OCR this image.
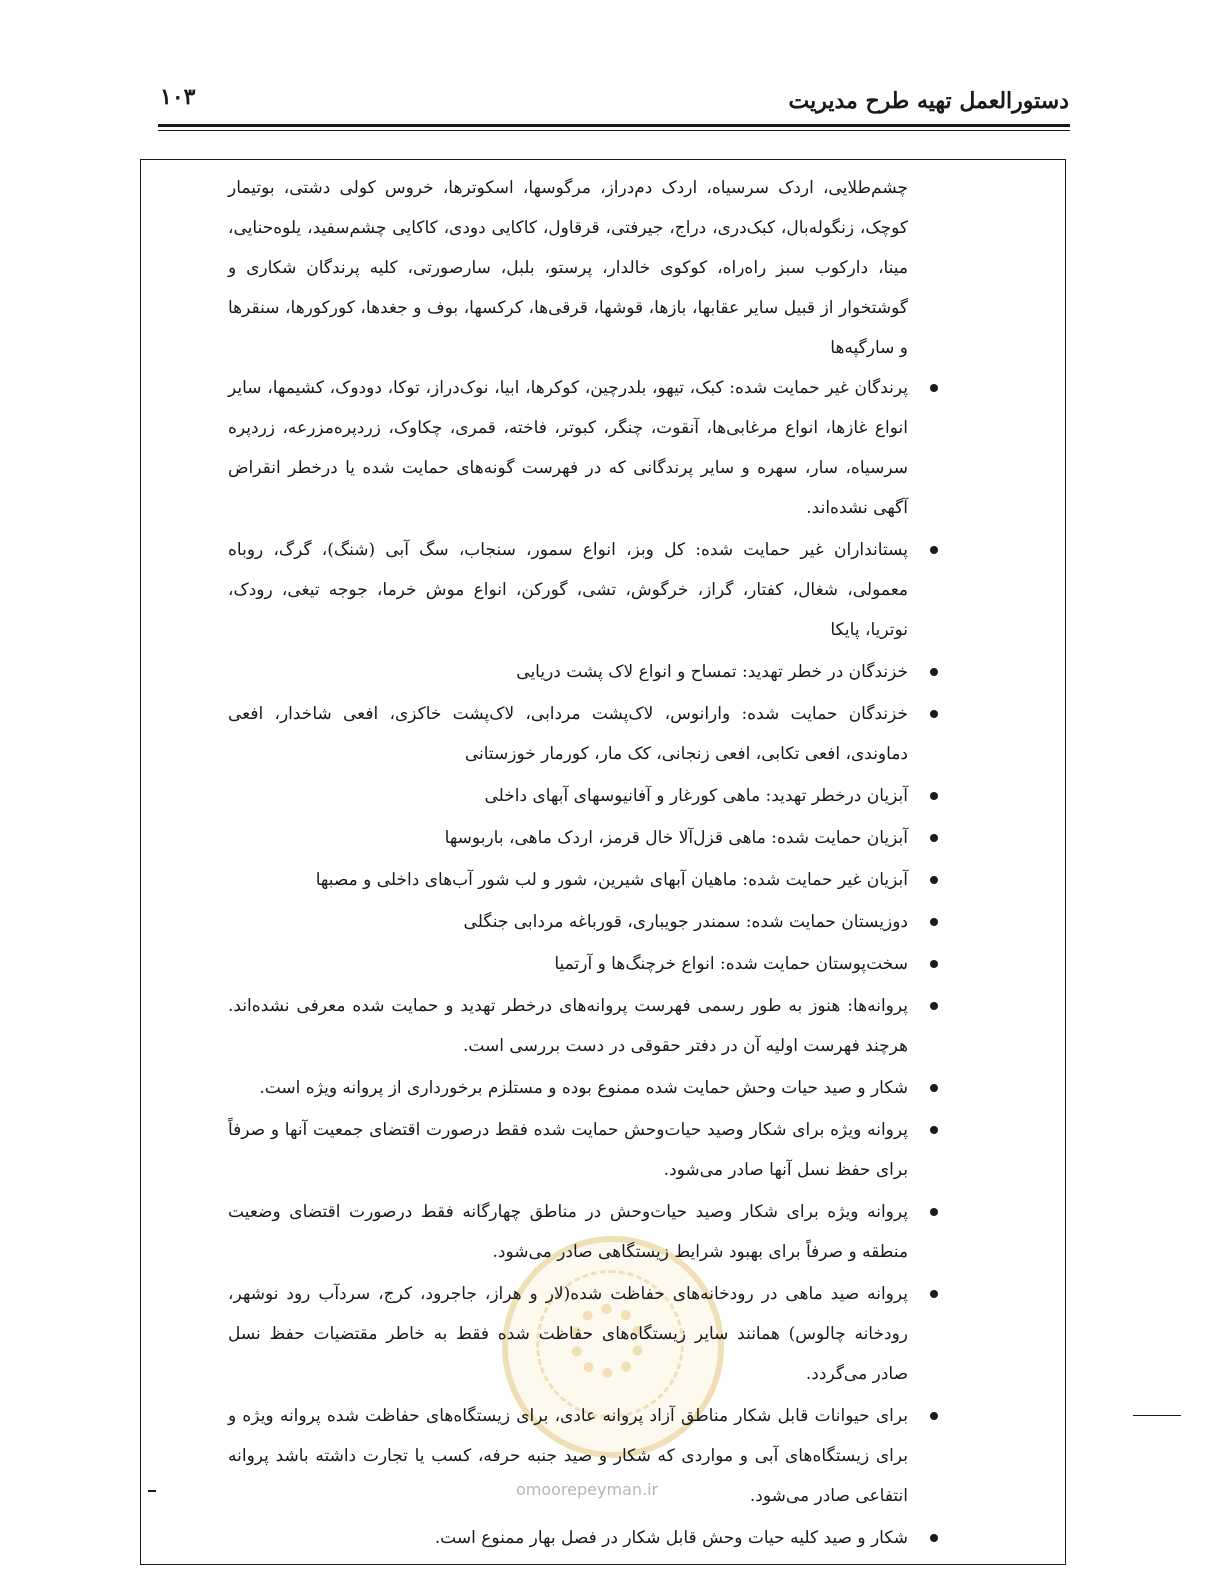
دستورالعمل تهیه طرح مدیریت
۱۰۳

چشم‌طلایی، اردک سرسیاه، اردک دم‌دراز، مرگوسها، اسکوترها، خروس کولی دشتی، بوتیمار کوچک، زنگوله‌بال، کبک‌دری، دراج، جیرفتی، قرقاول، کاکایی دودی، کاکایی چشم‌سفید، یلوه‌حنایی، مینا، دارکوب سبز راه‌راه، کوکوی خالدار، پرستو، بلبل، سارصورتی، کلیه پرندگان شکاری و گوشتخوار از قبیل سایر عقابها، بازها، قوشها، قرقی‌ها، کرکسها، بوف و جغدها، کورکورها، سنقرها و سارگپه‌ها

پرندگان غیر حمایت شده: کبک، تیهو، بلدرچین، کوکرها، ابیا، نوک‌دراز، توکا، دودوک، کشیمها، سایر انواع غازها، انواع مرغابی‌ها، آنقوت، چنگر، کبوتر، فاخته، قمری، چکاوک، زردپره‌مزرعه، زردپره سرسیاه، سار، سهره و سایر پرندگانی که در فهرست گونه‌های حمایت شده یا درخطر انقراض آگهی نشده‌اند.
پستانداران غیر حمایت شده: کل وبز، انواع سمور، سنجاب، سگ آبی (شنگ)، گرگ، روباه معمولی، شغال، کفتار، گراز، خرگوش، تشی، گورکن، انواع موش خرما، جوجه تیغی، رودک، نوتریا، پایکا
خزندگان در خطر تهدید: تمساح و انواع لاک پشت دریایی
خزندگان حمایت شده: وارانوس، لاک‌پشت مردابی، لاک‌پشت خاکزی، افعی شاخدار، افعی دماوندی، افعی تکابی، افعی زنجانی، کک مار، کورمار خوزستانی
آبزیان درخطر تهدید: ماهی کورغار و آفانیوسهای آبهای داخلی
آبزیان حمایت شده: ماهی قزل‌آلا خال قرمز، اردک ماهی، باربوسها
آبزیان غیر حمایت شده: ماهیان آبهای شیرین، شور و لب شور آب‌های داخلی و مصبها
دوزیستان حمایت شده: سمندر جویباری، قورباغه مردابی جنگلی
سخت‌پوستان حمایت شده: انواع خرچنگ‌ها و آرتمیا
پروانه‌ها: هنوز به طور رسمی فهرست پروانه‌های درخطر تهدید و حمایت شده معرفی نشده‌اند. هرچند فهرست اولیه آن در دفتر حقوقی در دست بررسی است.
شکار و صید حیات وحش حمایت شده ممنوع بوده و مستلزم برخورداری از پروانه ویژه است.
پروانه ویژه برای شکار وصید حیات‌وحش حمایت شده فقط درصورت اقتضای جمعیت آنها و صرفاً برای حفظ نسل آنها صادر می‌شود.
پروانه ویژه برای شکار وصید حیات‌وحش در مناطق چهارگانه فقط درصورت اقتضای وضعیت منطقه و صرفاً برای بهبود شرایط زیستگاهی صادر می‌شود.
پروانه صید ماهی در رودخانه‌های حفاظت شده(لار و هراز، جاجرود، کرج، سردآب رود نوشهر، رودخانه چالوس) همانند سایر زیستگاه‌های حفاظت شده فقط به خاطر مقتضیات حفظ نسل صادر می‌گردد.
برای حیوانات قابل شکار مناطق آزاد پروانه عادی، برای زیستگاه‌های حفاظت شده پروانه ویژه و برای زیستگاه‌های آبی و مواردی که شکار و صید جنبه حرفه، کسب یا تجارت داشته باشد پروانه انتفاعی صادر می‌شود.
شکار و صید کلیه حیات وحش قابل شکار در فصل بهار ممنوع است.
omoorepeyman.ir
